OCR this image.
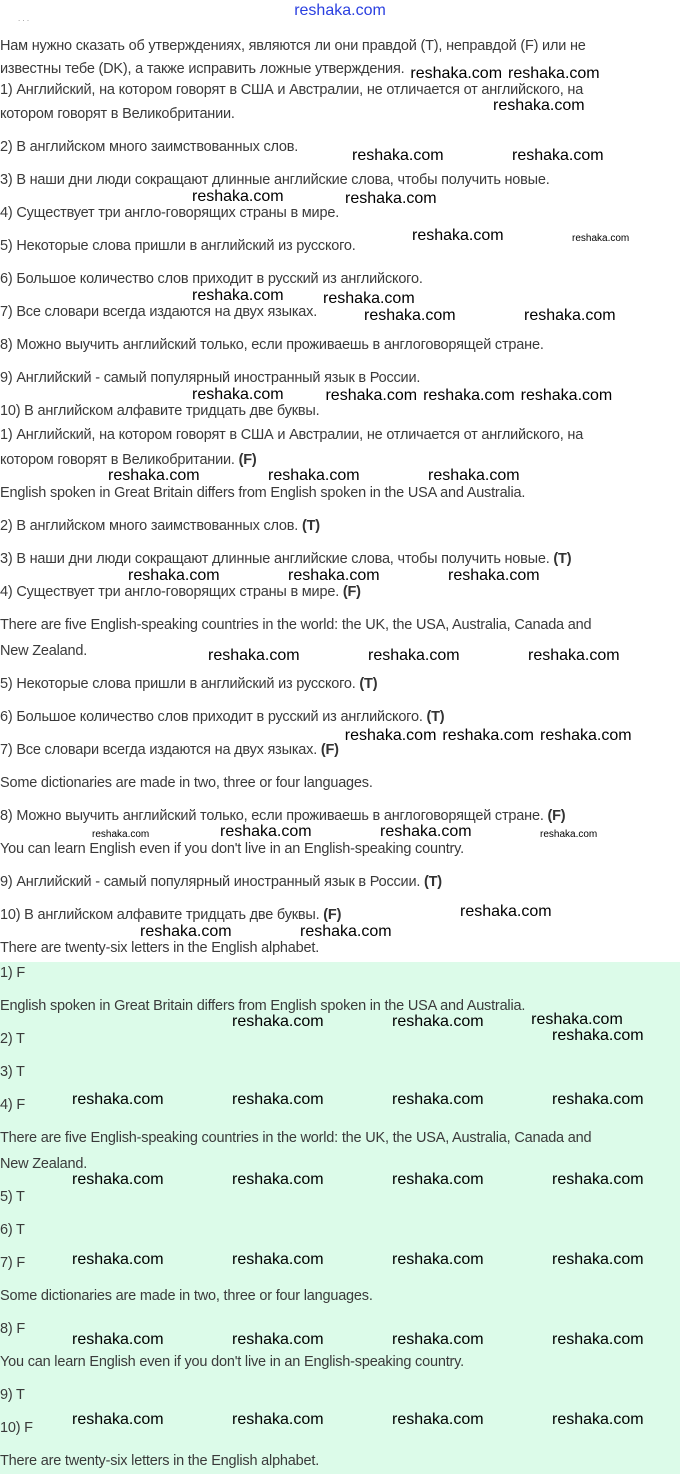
reshaka.com
. . .
Нам нужно сказать об утверждениях, являются ли они правдой (T), неправдой (F) или не
известны тебе (DK), а также исправить ложные утверждения.
1) Английский, на котором говорят в США и Австралии, не отличается от английского, на
котором говорят в Великобритании.
2) В английском много заимствованных слов.
3) В наши дни люди сокращают длинные английские слова, чтобы получить новые.
4) Существует три англо-говорящих страны в мире.
5) Некоторые слова пришли в английский из русского.
6) Большое количество слов приходит в русский из английского.
7) Все словари всегда издаются на двух языках.
8) Можно выучить английский только, если проживаешь в англоговорящей стране.
9) Английский - самый популярный иностранный язык в России.
10) В английском алфавите тридцать две буквы.
1) Английский, на котором говорят в США и Австралии, не отличается от английского, на
котором говорят в Великобритании. (F)
English spoken in Great Britain differs from English spoken in the USA and Australia.
2) В английском много заимствованных слов. (T)
3) В наши дни люди сокращают длинные английские слова, чтобы получить новые. (T)
4) Существует три англо-говорящих страны в мире. (F)
There are five English-speaking countries in the world: the UK, the USA, Australia, Canada and
New Zealand.
5) Некоторые слова пришли в английский из русского. (T)
6) Большое количество слов приходит в русский из английского. (T)
7) Все словари всегда издаются на двух языках. (F)
Some dictionaries are made in two, three or four languages.
8) Можно выучить английский только, если проживаешь в англоговорящей стране. (F)
You can learn English even if you don't live in an English-speaking country.
9) Английский - самый популярный иностранный язык в России. (T)
10) В английском алфавите тридцать две буквы. (F)
There are twenty-six letters in the English alphabet.
1) F
English spoken in Great Britain differs from English spoken in the USA and Australia.
2) T
3) T
4) F
There are five English-speaking countries in the world: the UK, the USA, Australia, Canada and
New Zealand.
5) T
6) T
7) F
Some dictionaries are made in two, three or four languages.
8) F
You can learn English even if you don't live in an English-speaking country.
9) T
10) F
There are twenty-six letters in the English alphabet.
reshaka.com reshaka.com
reshaka.com
reshaka.com	reshaka.com
reshaka.com
reshaka.com
reshaka.com
reshaka.com
reshaka.com
reshaka.com	reshaka.com
reshaka.com
reshaka.com	reshaka.com reshaka.com
reshaka.com	reshaka.com	reshaka.com
reshaka.com	reshaka.com	reshaka.com
reshaka.com	reshaka.com	reshaka.com
reshaka.com reshaka.com reshaka.com
reshaka.com	reshaka.com
reshaka.com
reshaka.com	reshaka.com
reshaka.com
reshaka.com	reshaka.com
reshaka.com
reshaka.com	reshaka.com
reshaka.com
reshaka.com	reshaka.com	reshaka.com	reshaka.com
reshaka.com	reshaka.com	reshaka.com	reshaka.com
reshaka.com	reshaka.com	reshaka.com	reshaka.com
reshaka.com	reshaka.com	reshaka.com	reshaka.com
reshaka.com	reshaka.com	reshaka.com	reshaka.com
